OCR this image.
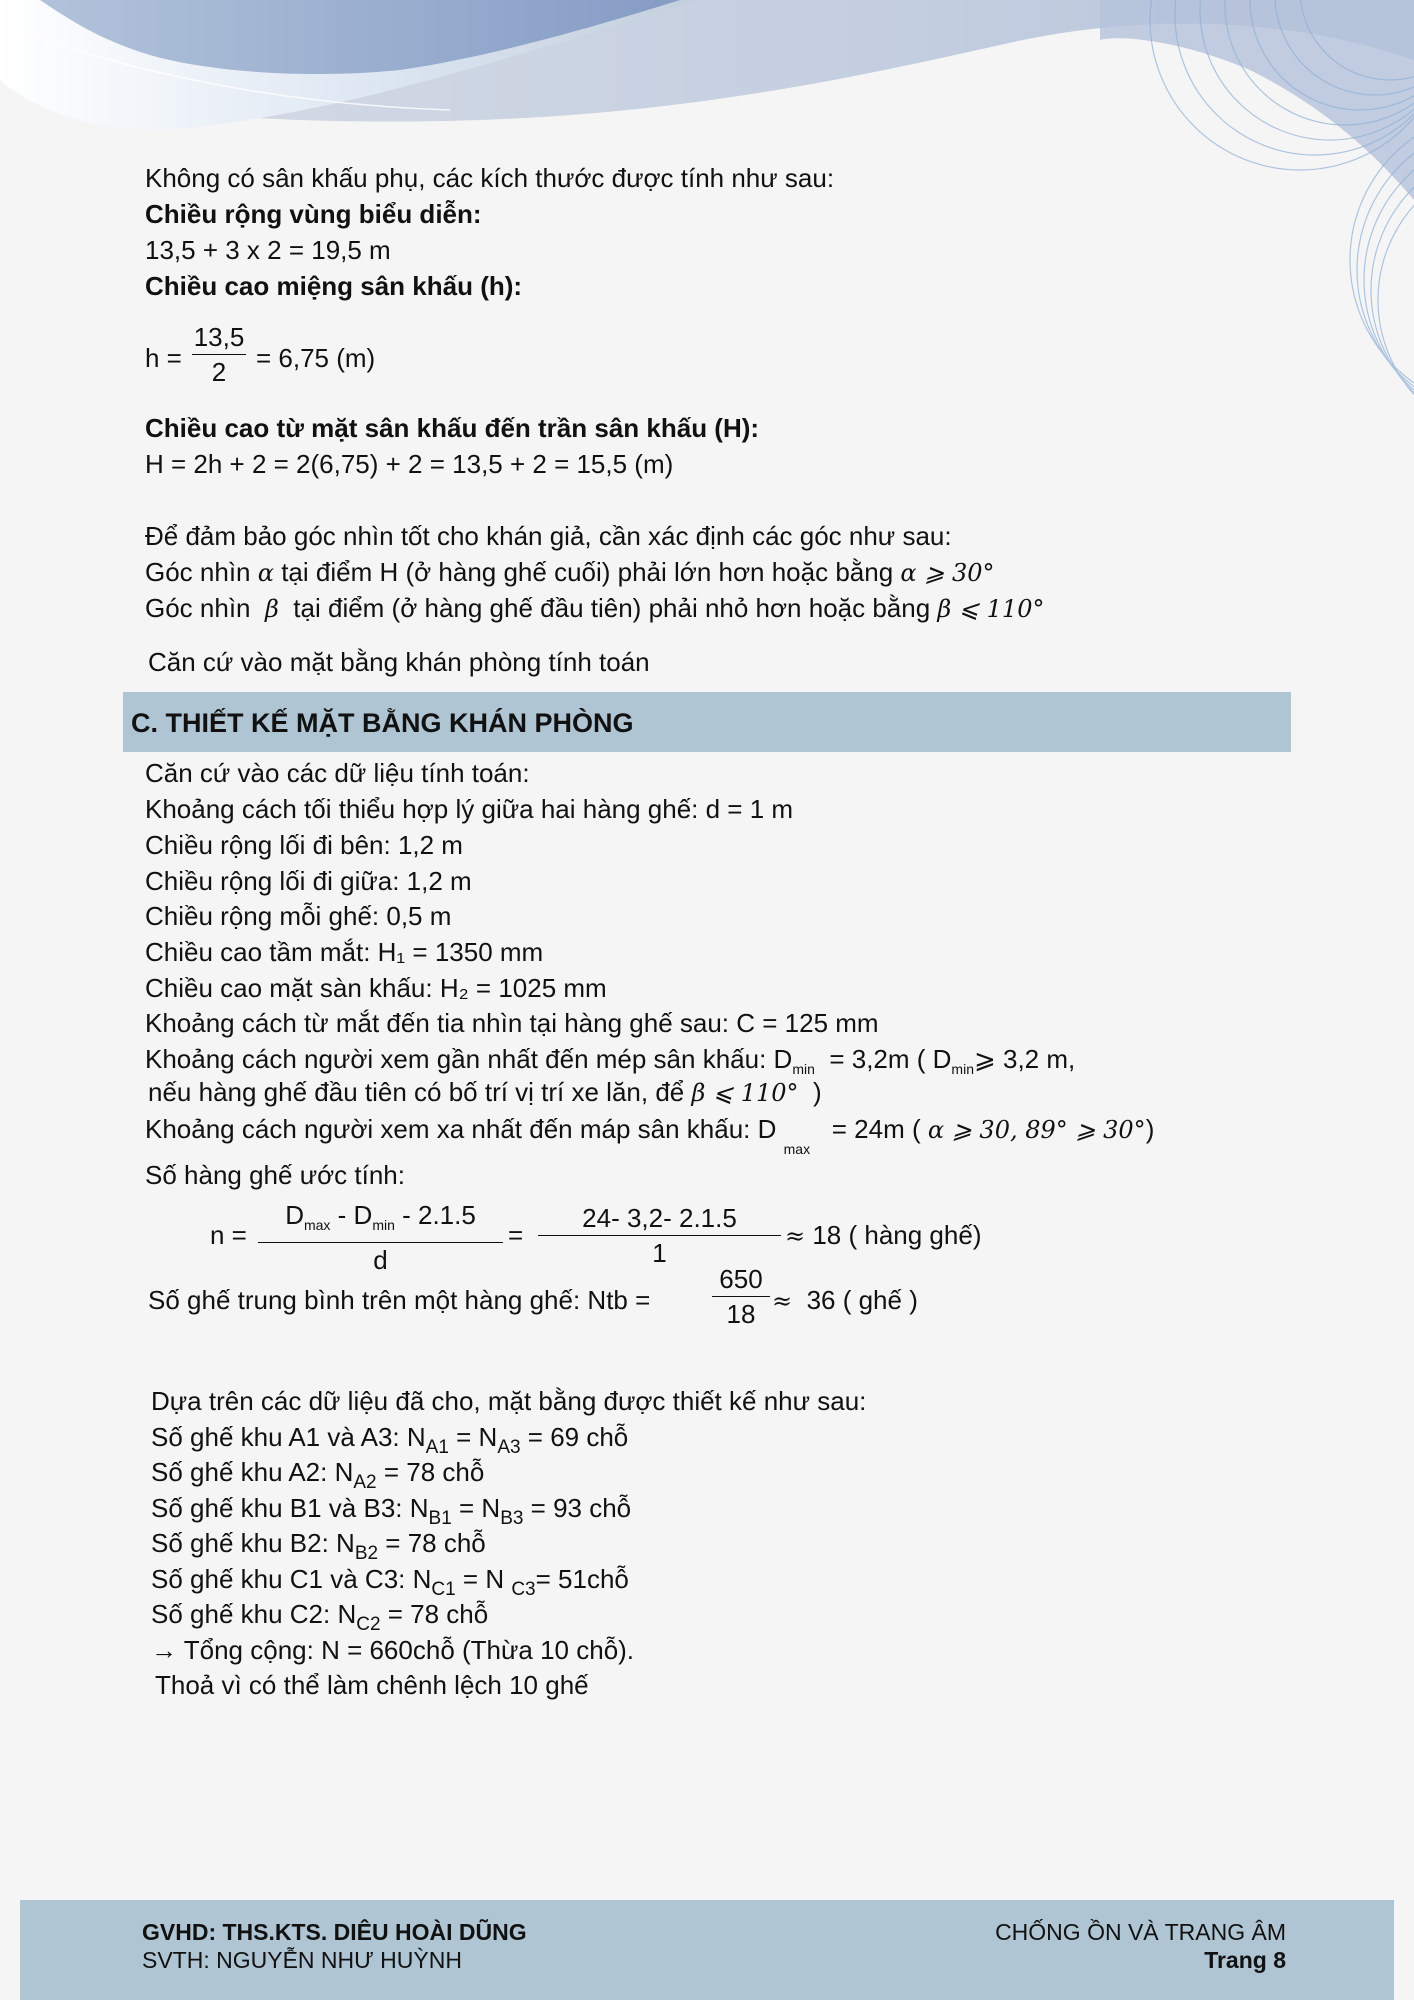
Không có sân khấu phụ, các kích thước được tính như sau:
Chiều rộng vùng biểu diễn:
13,5 + 3 x 2 = 19,5 m
Chiều cao miệng sân khấu (h):
h =
13,5
2	= 6,75 (m)
Chiều cao từ mặt sân khấu đến trần sân khấu (H):
H = 2h + 2 = 2(6,75) + 2 = 13,5 + 2 = 15,5 (m)
Để đảm bảo góc nhìn tốt cho khán giả, cần xác định các góc như sau:
Góc nhìn α tại điểm H (ở hàng ghế cuối) phải lớn hơn hoặc bằng α ⩾ 30°
Góc nhìn β tại điểm (ở hàng ghế đầu tiên) phải nhỏ hơn hoặc bằng β ⩽ 110°
Căn cứ vào mặt bằng khán phòng tính toán
C. THIẾT KẾ MẶT BẰNG KHÁN PHÒNG
Căn cứ vào các dữ liệu tính toán:
Khoảng cách tối thiểu hợp lý giữa hai hàng ghế: d = 1 m
Chiều rộng lối đi bên: 1,2 m
Chiều rộng lối đi giữa: 1,2 m
Chiều rộng mỗi ghế: 0,5 m
Chiều cao tầm mắt: H₁ = 1350 mm
Chiều cao mặt sàn khấu: H₂ = 1025 mm
Khoảng cách từ mắt đến tia nhìn tại hàng ghế sau: C = 125 mm
Khoảng cách người xem gần nhất đến mép sân khấu: $D_{min} = 3,2m$ ( $D_{min}⩾$ 3,2 m,
nếu hàng ghế đầu tiên có bố trí vị trí xe lăn, để β ⩽ 110° )
Khoảng cách người xem xa nhất đến máp sân khấu: D $_{max}$   = 24m ( α ⩾ 30, 89° ⩾ 30°)
Số hàng ghế ước tính:
n =
$D_{max} - D_{min} - 2.1.5$
d
=
24- 3,2- 2.1.5
1
≈ 18 ( hàng ghế)
Số ghế trung bình trên một hàng ghế: Ntb =
650
18 ≈ 36 ( ghế )
Dựa trên các dữ liệu đã cho, mặt bằng được thiết kế như sau:
Số ghế khu A1 và A3: $N_{A1} = N_{A3} = 69$ chỗ
Số ghế khu A2: $N_{A2} = 78$ chỗ
Số ghế khu B1 và B3: $N_{B1} = N_{B3} = 93$ chỗ
Số ghế khu B2: $N_{B2} = 78$ chỗ
Số ghế khu C1 và C3: $N_{C1} = N$ $_{C3}$= 51chỗ
Số ghế khu C2: $N_{C2} = 78$ chỗ
→ Tổng cộng: N = 660chỗ (Thừa 10 chỗ).
Thoả vì có thể làm chênh lệch 10 ghế
GVHD: THS.KTS. DIÊU HOÀI DŨNG
SVTH: NGUYỄN NHƯ HUỲNH
CHỐNG ỒN VÀ TRANG ÂM
Trang 8
